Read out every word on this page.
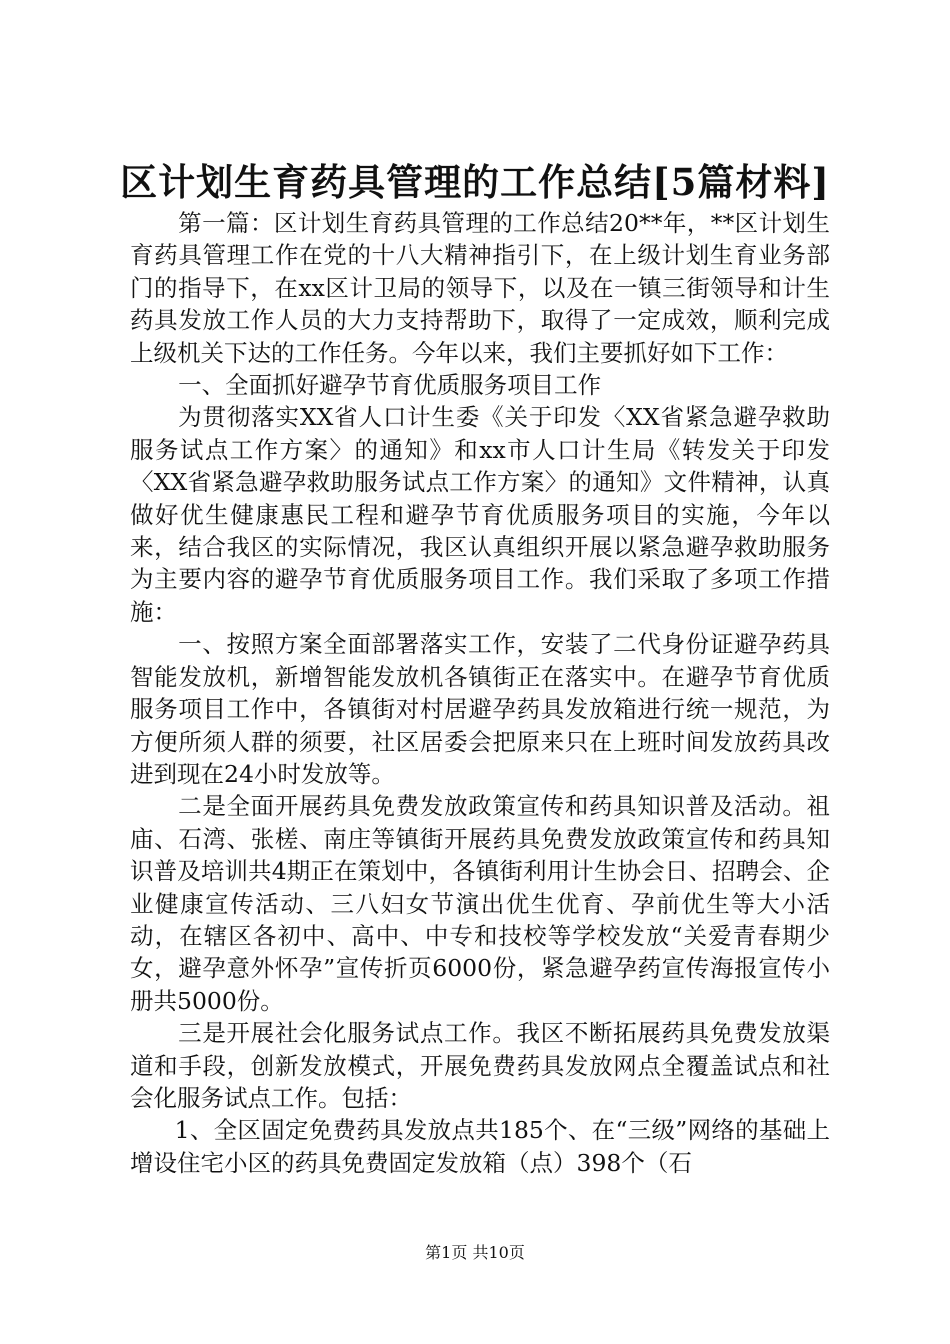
区计划生育药具管理的工作总结[5篇材料]

第一篇：区计划生育药具管理的工作总结20**年，**区计划生育药具管理工作在党的十八大精神指引下，在上级计划生育业务部门的指导下，在xx区计卫局的领导下，以及在一镇三街领导和计生药具发放工作人员的大力支持帮助下，取得了一定成效，顺利完成上级机关下达的工作任务。今年以来，我们主要抓好如下工作：

一、全面抓好避孕节育优质服务项目工作

为贯彻落实XX省人口计生委《关于印发〈XX省紧急避孕救助服务试点工作方案〉的通知》和xx市人口计生局《转发关于印发〈XX省紧急避孕救助服务试点工作方案〉的通知》文件精神，认真做好优生健康惠民工程和避孕节育优质服务项目的实施，今年以来，结合我区的实际情况，我区认真组织开展以紧急避孕救助服务为主要内容的避孕节育优质服务项目工作。我们采取了多项工作措施：

一、按照方案全面部署落实工作，安装了二代身份证避孕药具智能发放机，新增智能发放机各镇街正在落实中。在避孕节育优质服务项目工作中，各镇街对村居避孕药具发放箱进行统一规范，为方便所须人群的须要，社区居委会把原来只在上班时间发放药具改进到现在24小时发放等。

二是全面开展药具免费发放政策宣传和药具知识普及活动。祖庙、石湾、张槎、南庄等镇街开展药具免费发放政策宣传和药具知识普及培训共4期正在策划中，各镇街利用计生协会日、招聘会、企业健康宣传活动、三八妇女节演出优生优育、孕前优生等大小活动，在辖区各初中、高中、中专和技校等学校发放“关爱青春期少女，避孕意外怀孕”宣传折页6000份，紧急避孕药宣传海报宣传小册共5000份。

三是开展社会化服务试点工作。我区不断拓展药具免费发放渠道和手段，创新发放模式，开展免费药具发放网点全覆盖试点和社会化服务试点工作。包括：

1、全区固定免费药具发放点共185个、在“三级”网络的基础上增设住宅小区的药具免费固定发放箱（点）398个（石

第1页 共10页
